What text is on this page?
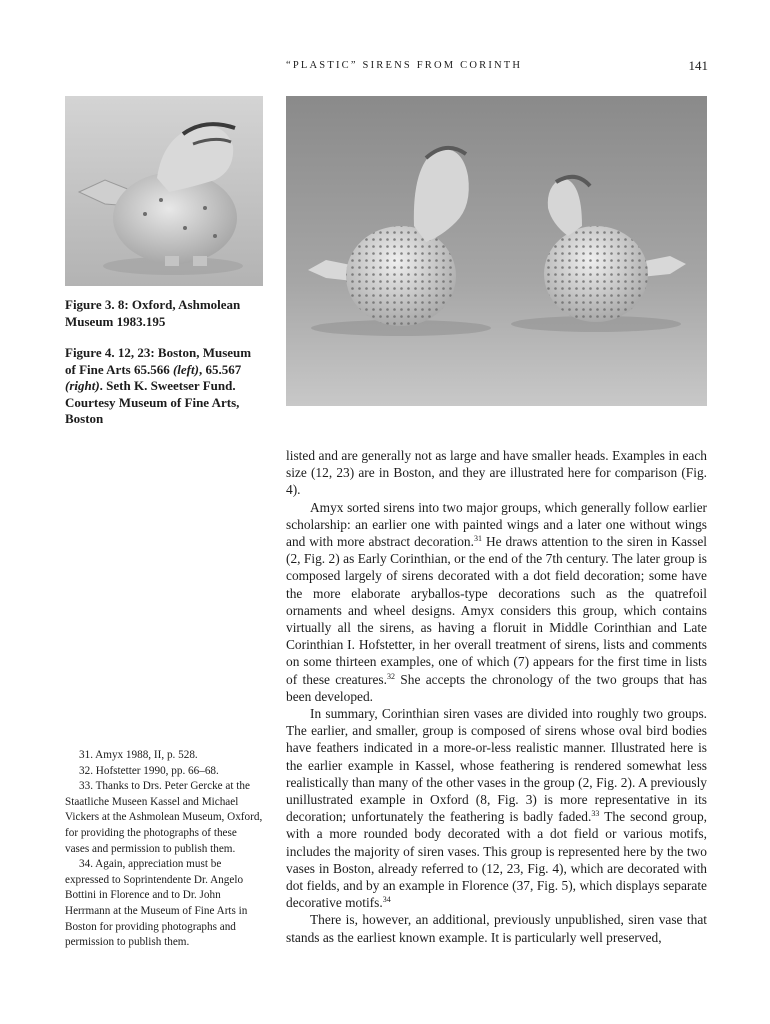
“PLASTIC” SIRENS FROM CORINTH	141
Figure 3. 8: Oxford, Ashmolean Museum 1983.195
Figure 4. 12, 23: Boston, Museum of Fine Arts 65.566 (left), 65.567 (right). Seth K. Sweetser Fund. Courtesy Museum of Fine Arts, Boston

listed and are generally not as large and have smaller heads. Examples in each size (12, 23) are in Boston, and they are illustrated here for comparison (Fig. 4).

Amyx sorted sirens into two major groups, which generally follow earlier scholarship: an earlier one with painted wings and a later one without wings and with more abstract decoration.$^{31}$ He draws attention to the siren in Kassel (2, Fig. 2) as Early Corinthian, or the end of the 7th century. The later group is composed largely of sirens decorated with a dot field decoration; some have the more elaborate aryballos-type decorations such as the quatrefoil ornaments and wheel designs. Amyx considers this group, which contains virtually all the sirens, as having a floruit in Middle Corinthian and Late Corinthian I. Hofstetter, in her overall treatment of sirens, lists and comments on some thirteen examples, one of which (7) appears for the first time in lists of these creatures.$^{32}$ She accepts the chronology of the two groups that has been developed.

In summary, Corinthian siren vases are divided into roughly two groups. The earlier, and smaller, group is composed of sirens whose oval bird bodies have feathers indicated in a more-or-less realistic manner. Illustrated here is the earlier example in Kassel, whose feathering is rendered somewhat less realistically than many of the other vases in the group (2, Fig. 2). A previously unillustrated example in Oxford (8, Fig. 3) is more representative in its decoration; unfortunately the feathering is badly faded.$^{33}$ The second group, with a more rounded body decorated with a dot field or various motifs, includes the majority of siren vases. This group is represented here by the two vases in Boston, already referred to (12, 23, Fig. 4), which are decorated with dot fields, and by an example in Florence (37, Fig. 5), which displays separate decorative motifs.$^{34}$

There is, however, an additional, previously unpublished, siren vase that stands as the earliest known example. It is particularly well preserved,

31. Amyx 1988, II, p. 528.

32. Hofstetter 1990, pp. 66–68.

33. Thanks to Drs. Peter Gercke at the Staatliche Museen Kassel and Michael Vickers at the Ashmolean Museum, Oxford, for providing the photographs of these vases and permission to publish them.

34. Again, appreciation must be expressed to Soprintendente Dr. Angelo Bottini in Florence and to Dr. John Herrmann at the Museum of Fine Arts in Boston for providing photographs and permission to publish them.
